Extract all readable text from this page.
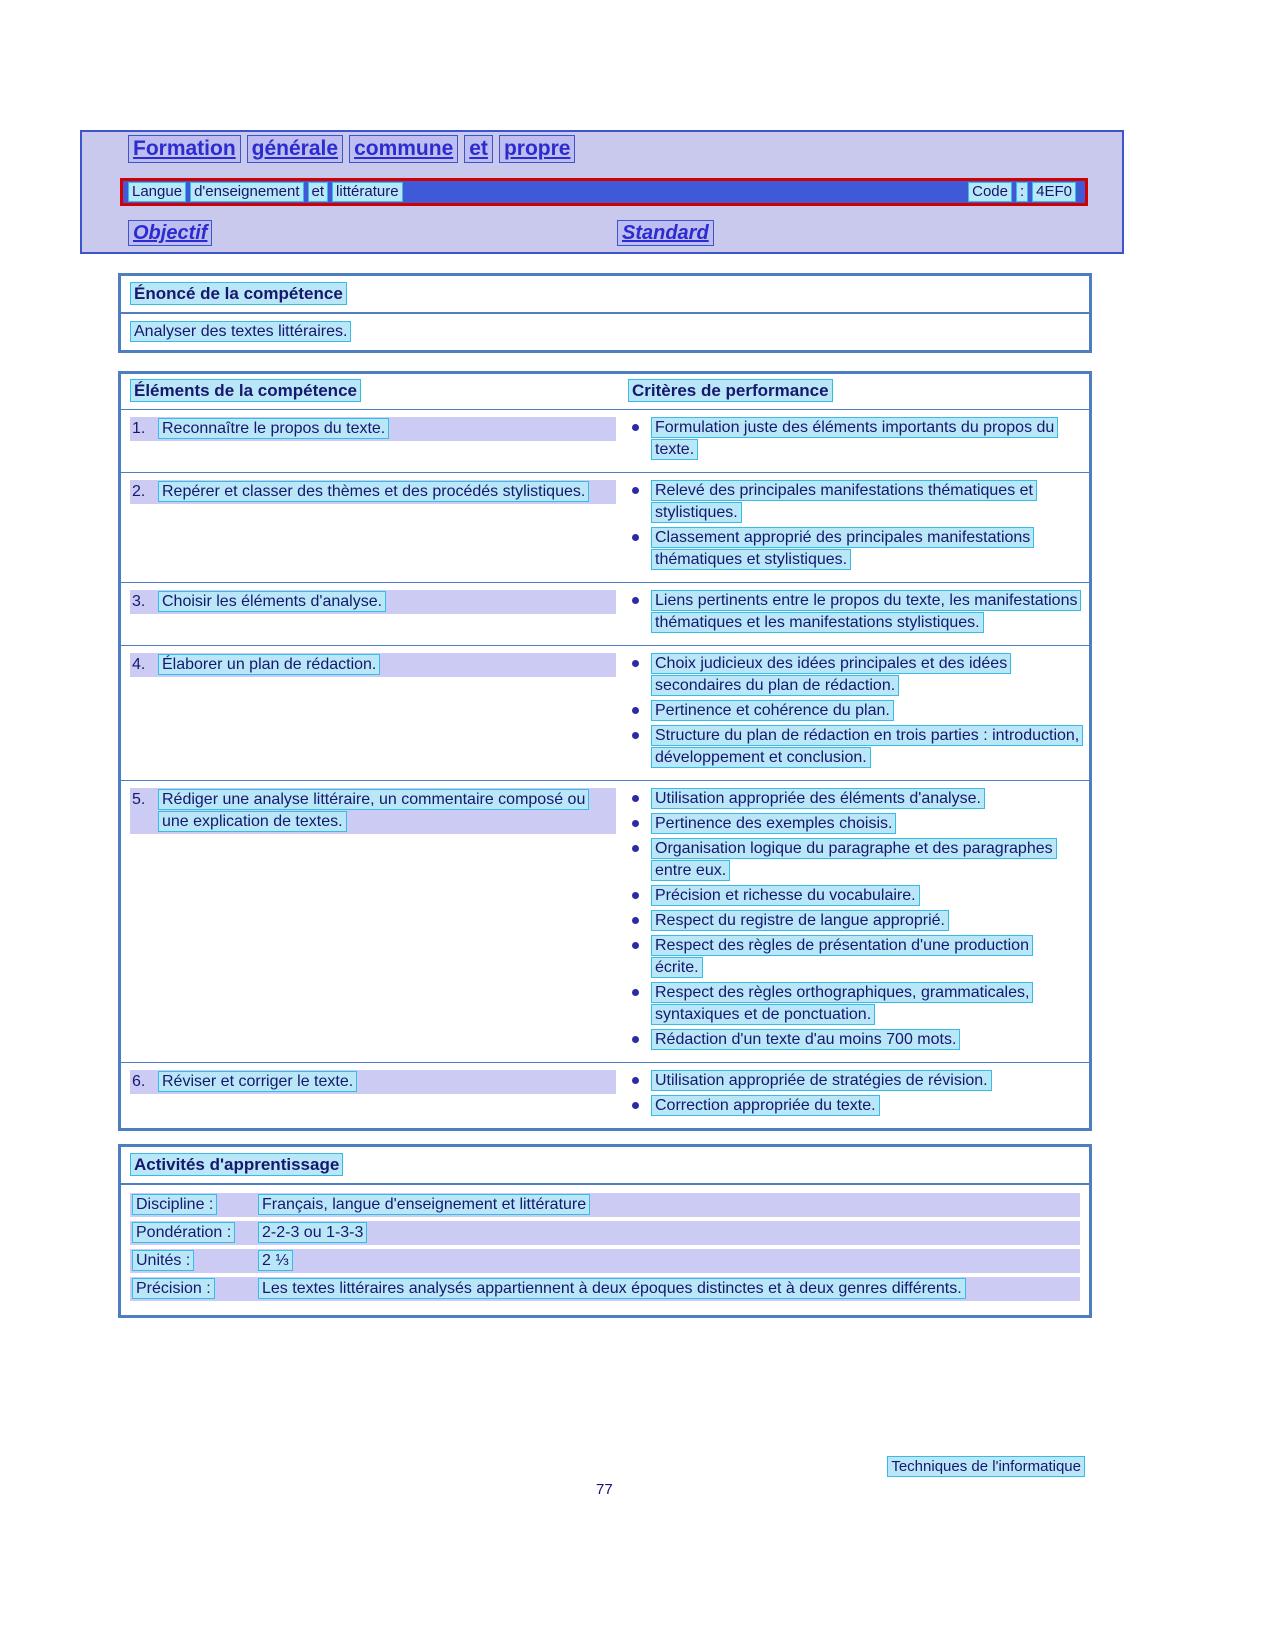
Formation générale commune et propre
Langue d'enseignement et littérature	Code : 4EF0
Objectif	Standard
Énoncé de la compétence
Analyser des textes littéraires.
Éléments de la compétence	Critères de performance
1.	Reconnaître le propos du texte.	Formulation juste des éléments importants du propos du texte.
2.	Repérer et classer des thèmes et des procédés stylistiques.	Relevé des principales manifestations thématiques et stylistiques.
Classement approprié des principales manifestations thématiques et stylistiques.
3.	Choisir les éléments d'analyse.	Liens pertinents entre le propos du texte, les manifestations thématiques et les manifestations stylistiques.
4.	Élaborer un plan de rédaction.	Choix judicieux des idées principales et des idées secondaires du plan de rédaction.
Pertinence et cohérence du plan.
Structure du plan de rédaction en trois parties : introduction, développement et conclusion.
5.	Rédiger une analyse littéraire, un commentaire composé ou une explication de textes.
Utilisation appropriée des éléments d'analyse.
Pertinence des exemples choisis.
Organisation logique du paragraphe et des paragraphes entre eux.
Précision et richesse du vocabulaire.
Respect du registre de langue approprié.
Respect des règles de présentation d'une production écrite.
Respect des règles orthographiques, grammaticales, syntaxiques et de ponctuation.
Rédaction d'un texte d'au moins 700 mots.
6.	Réviser et corriger le texte.	Utilisation appropriée de stratégies de révision.
Correction appropriée du texte.
Activités d'apprentissage
Discipline :	Français, langue d'enseignement et littérature
Pondération :	2-2-3 ou 1-3-3
Unités :	2 ⅓
Précision :	Les textes littéraires analysés appartiennent à deux époques distinctes et à deux genres différents.
Techniques de l'informatique
77
